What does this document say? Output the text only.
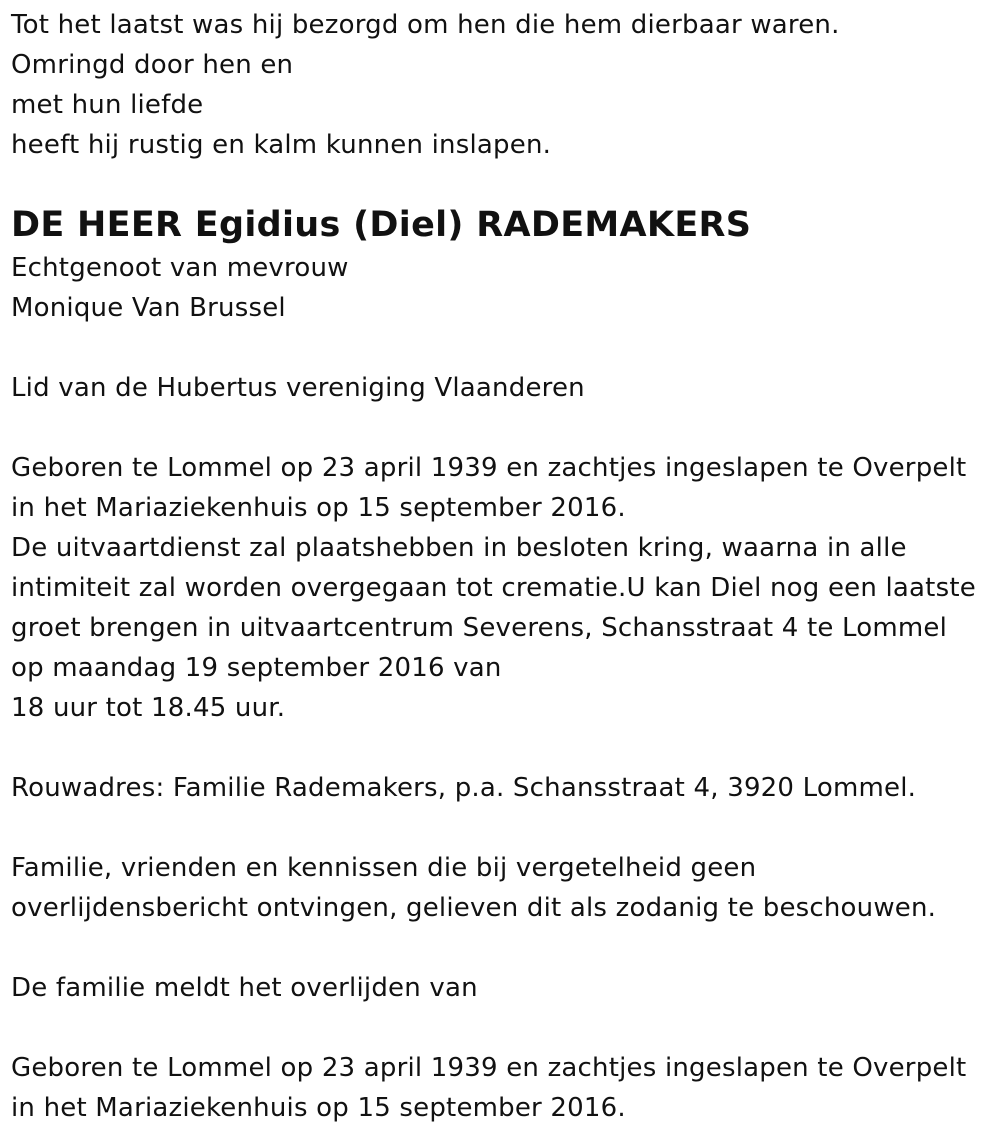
Tot het laatst was hij bezorgd om hen die hem dierbaar waren.
Omringd door hen en
met hun liefde
heeft hij rustig en kalm kunnen inslapen.
DE HEER Egidius (Diel) RADEMAKERS
Echtgenoot van mevrouw
Monique Van Brussel
Lid van de Hubertus vereniging Vlaanderen
Geboren te Lommel op 23 april 1939 en zachtjes ingeslapen te Overpelt
in het Mariaziekenhuis op 15 september 2016.
De uitvaartdienst zal plaatshebben in besloten kring, waarna in alle
intimiteit zal worden overgegaan tot crematie.U kan Diel nog een laatste
groet brengen in uitvaartcentrum Severens, Schansstraat 4 te Lommel
op maandag 19 september 2016 van
18 uur tot 18.45 uur.
Rouwadres: Familie Rademakers, p.a. Schansstraat 4, 3920 Lommel.
Familie, vrienden en kennissen die bij vergetelheid geen
overlijdensbericht ontvingen, gelieven dit als zodanig te beschouwen.
De familie meldt het overlijden van
Geboren te Lommel op 23 april 1939 en zachtjes ingeslapen te Overpelt
in het Mariaziekenhuis op 15 september 2016.
